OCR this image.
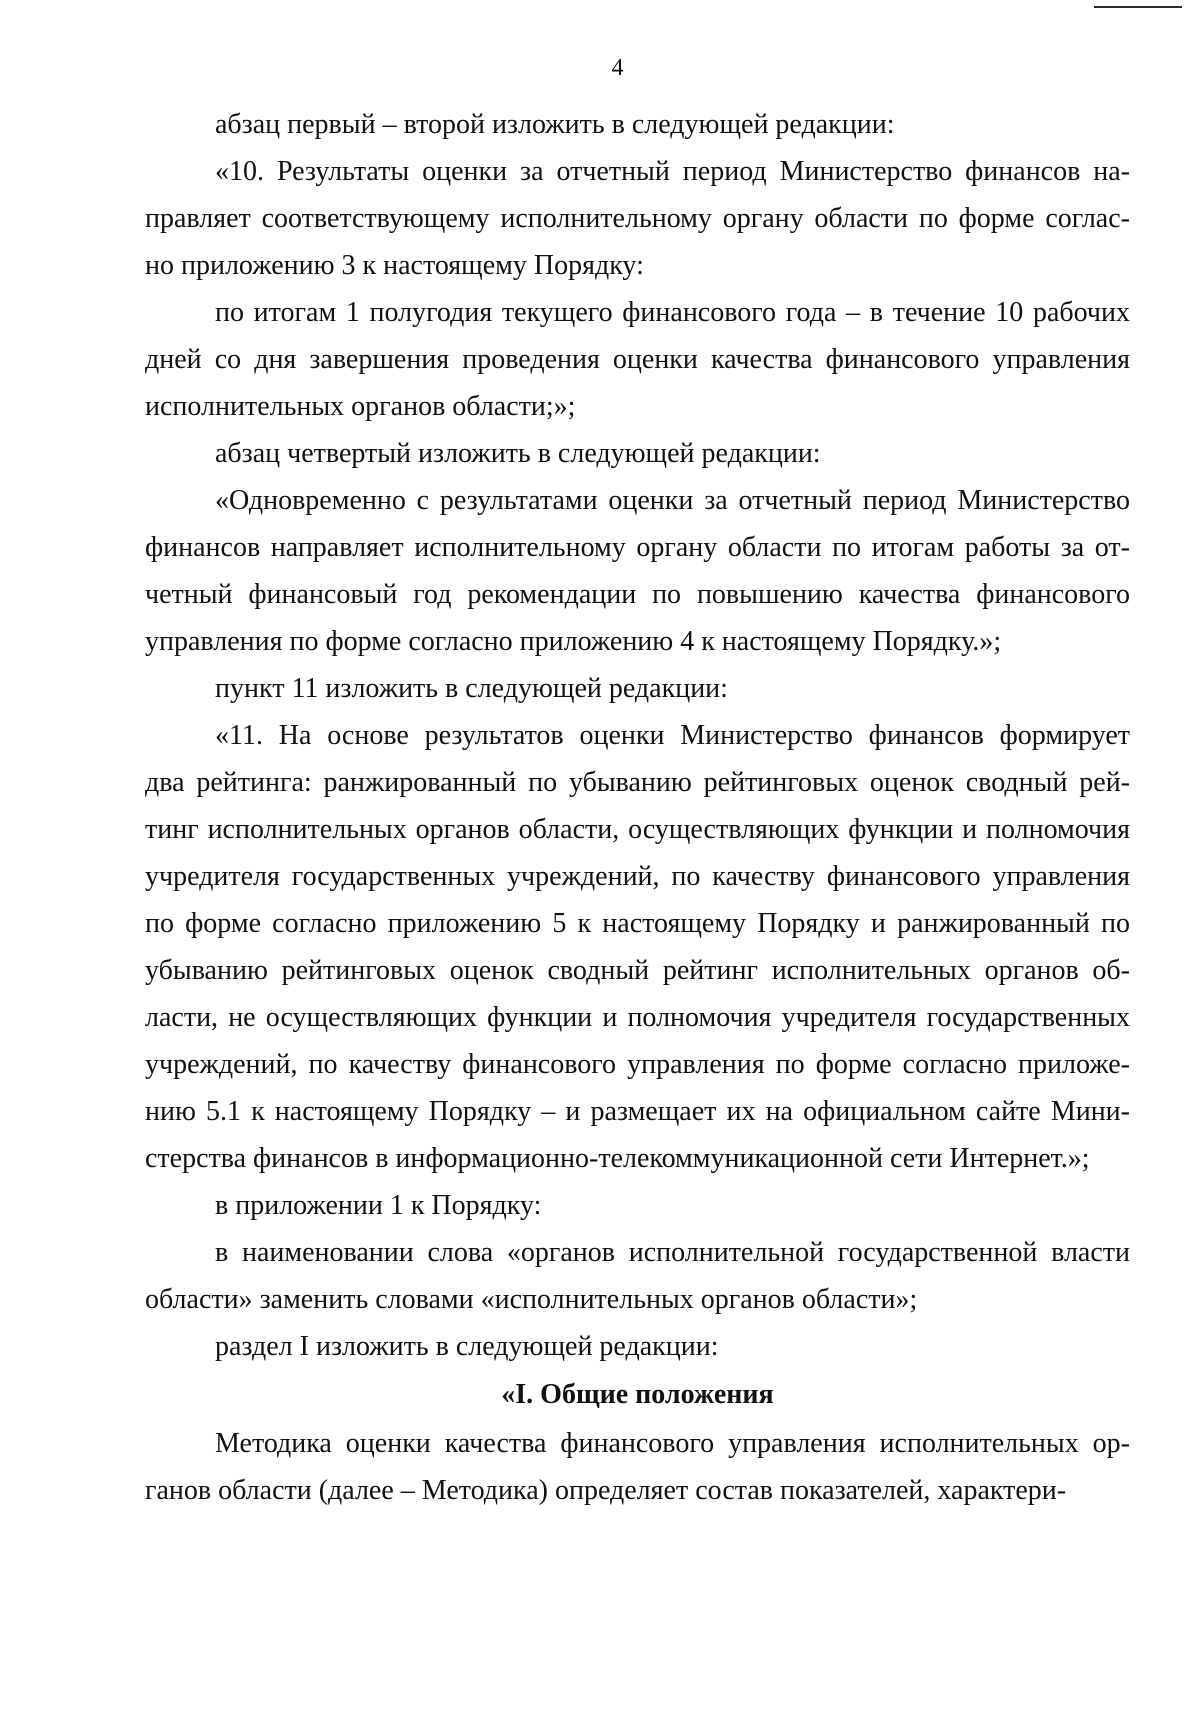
4
абзац первый – второй изложить в следующей редакции:
«10. Результаты оценки за отчетный период Министерство финансов на-
правляет соответствующему исполнительному органу области по форме соглас-
но приложению 3 к настоящему Порядку:
по итогам 1 полугодия текущего финансового года – в течение 10 рабочих
дней со дня завершения проведения оценки качества финансового управления
исполнительных органов области;»;
абзац четвертый изложить в следующей редакции:
«Одновременно с результатами оценки за отчетный период Министерство
финансов направляет исполнительному органу области по итогам работы за от-
четный финансовый год рекомендации по повышению качества финансового
управления по форме согласно приложению 4 к настоящему Порядку.»;
пункт 11 изложить в следующей редакции:
«11. На основе результатов оценки Министерство финансов формирует
два рейтинга: ранжированный по убыванию рейтинговых оценок сводный рей-
тинг исполнительных органов области, осуществляющих функции и полномочия
учредителя государственных учреждений, по качеству финансового управления
по форме согласно приложению 5 к настоящему Порядку и ранжированный по
убыванию рейтинговых оценок сводный рейтинг исполнительных органов об-
ласти, не осуществляющих функции и полномочия учредителя государственных
учреждений, по качеству финансового управления по форме согласно приложе-
нию 5.1 к настоящему Порядку – и размещает их на официальном сайте Мини-
стерства финансов в информационно-телекоммуникационной сети Интернет.»;
в приложении 1 к Порядку:
в наименовании слова «органов исполнительной государственной власти
области» заменить словами «исполнительных органов области»;
раздел I изложить в следующей редакции:
«I. Общие положения
Методика оценки качества финансового управления исполнительных ор-
ганов области (далее – Методика) определяет состав показателей, характери-
